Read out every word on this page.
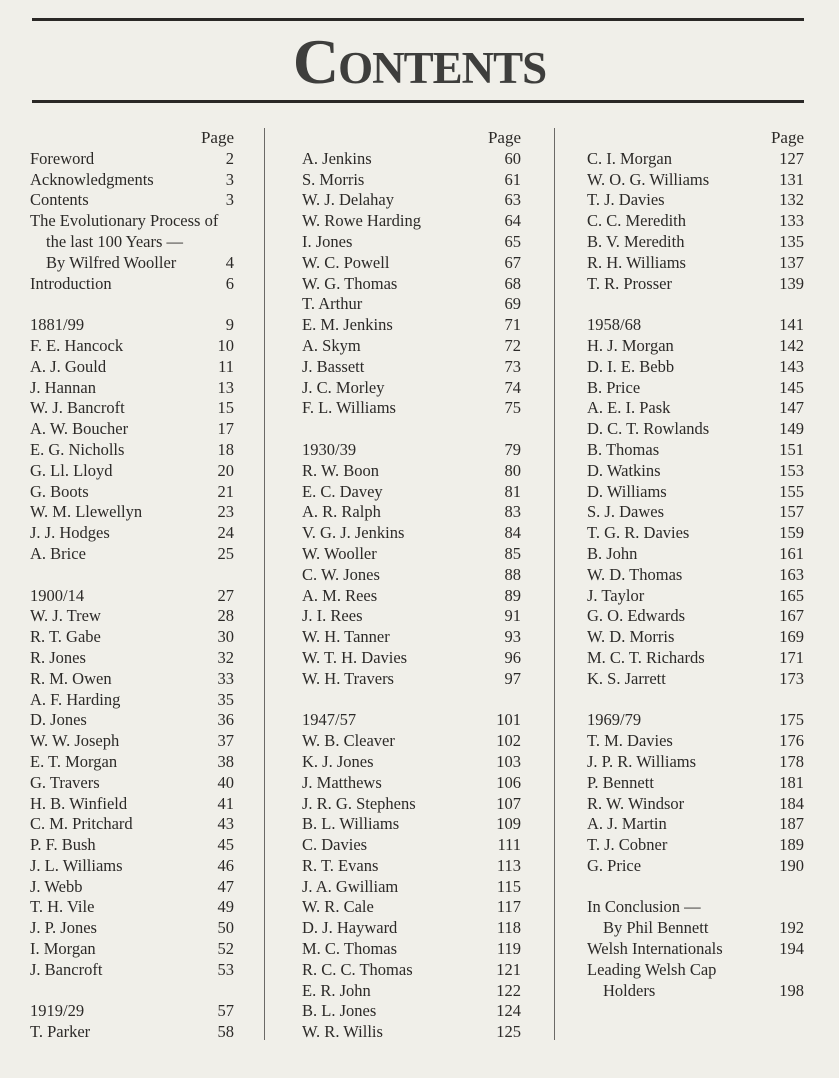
Contents
Page
Foreword	2
Acknowledgments	3
Contents	3
The Evolutionary Process of
the last 100 Years —
By Wilfred Wooller	4
Introduction	6
1881/99	9
F. E. Hancock	10
A. J. Gould	11
J. Hannan	13
W. J. Bancroft	15
A. W. Boucher	17
E. G. Nicholls	18
G. Ll. Lloyd	20
G. Boots	21
W. M. Llewellyn	23
J. J. Hodges	24
A. Brice	25
1900/14	27
W. J. Trew	28
R. T. Gabe	30
R. Jones	32
R. M. Owen	33
A. F. Harding	35
D. Jones	36
W. W. Joseph	37
E. T. Morgan	38
G. Travers	40
H. B. Winfield	41
C. M. Pritchard	43
P. F. Bush	45
J. L. Williams	46
J. Webb	47
T. H. Vile	49
J. P. Jones	50
I. Morgan	52
J. Bancroft	53
1919/29	57
T. Parker	58
Page
A. Jenkins	60
S. Morris	61
W. J. Delahay	63
W. Rowe Harding	64
I. Jones	65
W. C. Powell	67
W. G. Thomas	68
T. Arthur	69
E. M. Jenkins	71
A. Skym	72
J. Bassett	73
J. C. Morley	74
F. L. Williams	75
1930/39	79
R. W. Boon	80
E. C. Davey	81
A. R. Ralph	83
V. G. J. Jenkins	84
W. Wooller	85
C. W. Jones	88
A. M. Rees	89
J. I. Rees	91
W. H. Tanner	93
W. T. H. Davies	96
W. H. Travers	97
1947/57	101
W. B. Cleaver	102
K. J. Jones	103
J. Matthews	106
J. R. G. Stephens	107
B. L. Williams	109
C. Davies	111
R. T. Evans	113
J. A. Gwilliam	115
W. R. Cale	117
D. J. Hayward	118
M. C. Thomas	119
R. C. C. Thomas	121
E. R. John	122
B. L. Jones	124
W. R. Willis	125
Page
C. I. Morgan	127
W. O. G. Williams	131
T. J. Davies	132
C. C. Meredith	133
B. V. Meredith	135
R. H. Williams	137
T. R. Prosser	139
1958/68	141
H. J. Morgan	142
D. I. E. Bebb	143
B. Price	145
A. E. I. Pask	147
D. C. T. Rowlands	149
B. Thomas	151
D. Watkins	153
D. Williams	155
S. J. Dawes	157
T. G. R. Davies	159
B. John	161
W. D. Thomas	163
J. Taylor	165
G. O. Edwards	167
W. D. Morris	169
M. C. T. Richards	171
K. S. Jarrett	173
1969/79	175
T. M. Davies	176
J. P. R. Williams	178
P. Bennett	181
R. W. Windsor	184
A. J. Martin	187
T. J. Cobner	189
G. Price	190
In Conclusion —
By Phil Bennett	192
Welsh Internationals	194
Leading Welsh Cap
Holders	198
